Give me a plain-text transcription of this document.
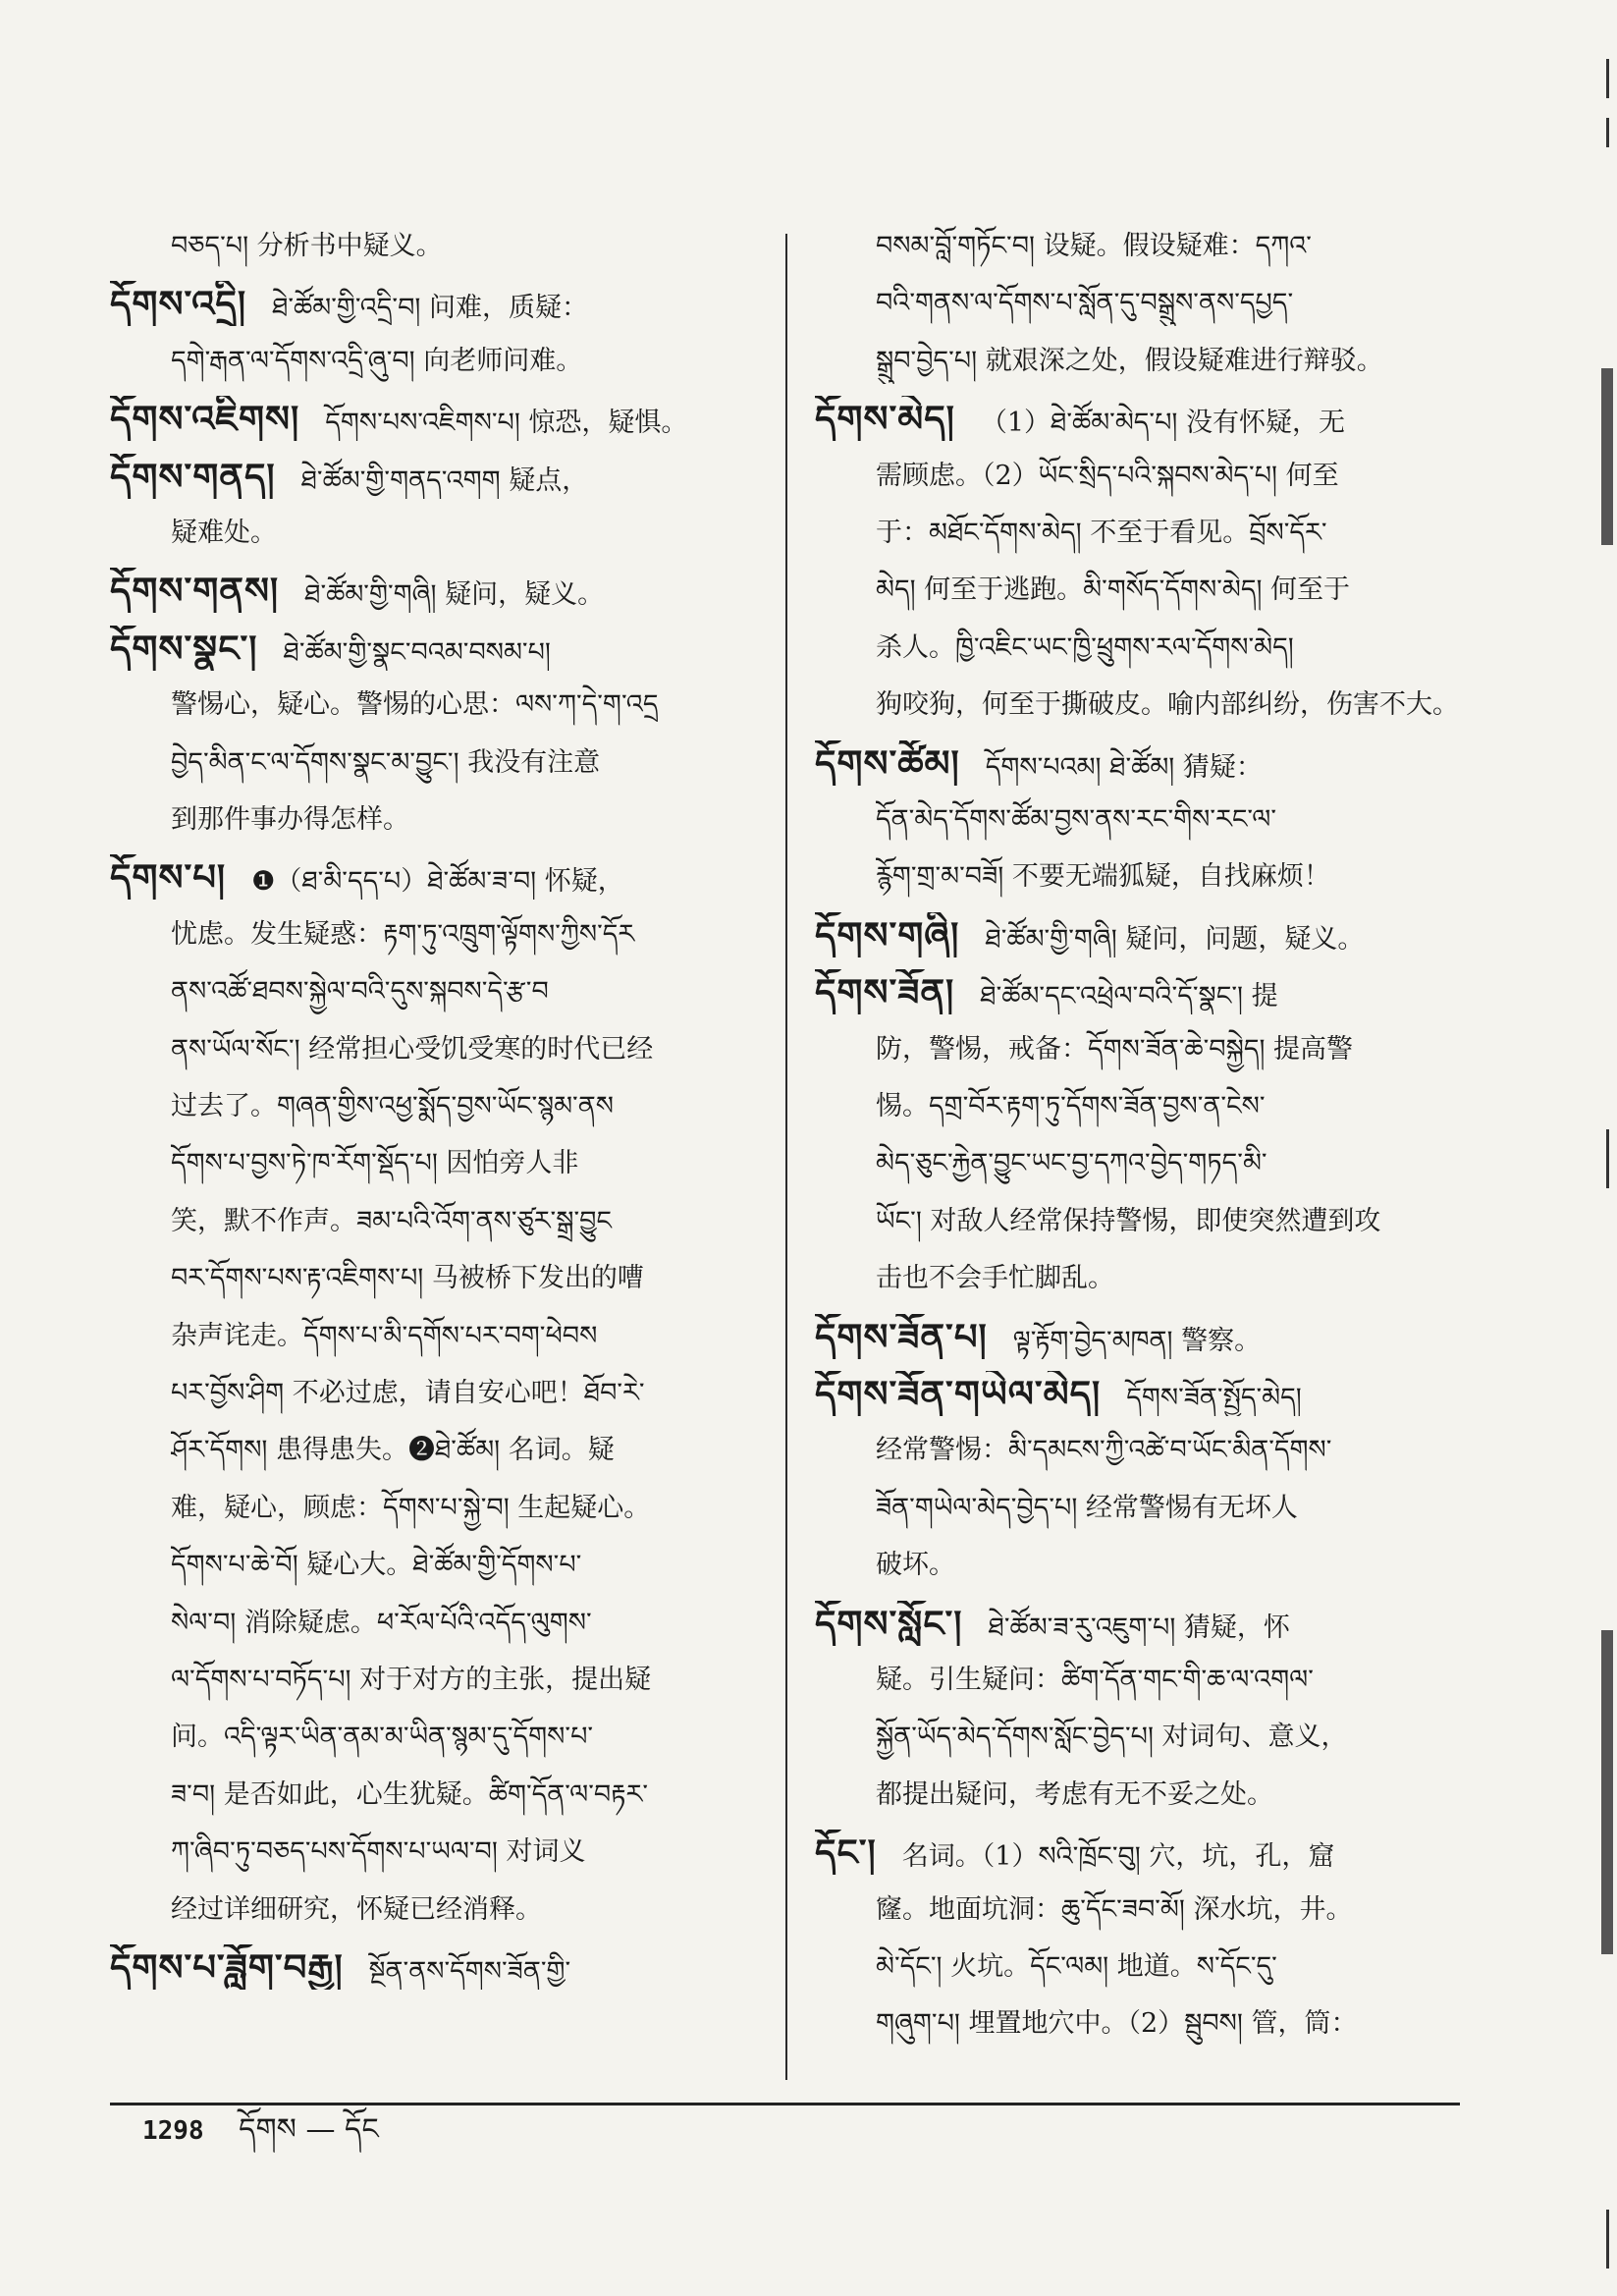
བཅད་པ། 分析书中疑义。
དོགས་འདྲི། ཐེ་ཚོམ་གྱི་འདྲི་བ། 问难，质疑：
དགེ་རྒན་ལ་དོགས་འདྲི་ཞུ་བ། 向老师问难。
དོགས་འཇིགས། དོགས་པས་འཇིགས་པ། 惊恐，疑惧。
དོགས་གནད། ཐེ་ཚོམ་གྱི་གནད་འགག 疑点，
疑难处。
དོགས་གནས། ཐེ་ཚོམ་གྱི་གཞི། 疑问，疑义。
དོགས་སྣང་། ཐེ་ཚོམ་གྱི་སྣང་བའམ་བསམ་པ།
警惕心，疑心。警惕的心思：ལས་ཀ་དེ་ག་འདྲ
བྱེད་མིན་ང་ལ་དོགས་སྣང་མ་བྱུང་། 我没有注意
到那件事办得怎样。
དོགས་པ། ❶（ཐ་མི་དད་པ）ཐེ་ཚོམ་ཟ་བ། 怀疑，
忧虑。发生疑惑：རྟག་ཏུ་འཁྲུག་ལྟོགས་ཀྱིས་དོར
ནས་འཚོ་ཐབས་སྐྱེལ་བའི་དུས་སྐབས་དེ་རྩ་བ
ནས་ཡོལ་སོང་། 经常担心受饥受寒的时代已经
过去了。གཞན་གྱིས་འཕྱ་སྨོད་བྱས་ཡོང་སྙམ་ནས
དོགས་པ་བྱས་ཏེ་ཁ་རོག་སྡོད་པ། 因怕旁人非
笑，默不作声。ཟམ་པའི་འོག་ནས་ཙུར་སྒྲ་བྱུང
བར་དོགས་པས་རྟ་འཇིགས་པ། 马被桥下发出的嘈
杂声诧走。དོགས་པ་མི་དགོས་པར་བག་ཕེབས
པར་བྱོས་ཤིག 不必过虑，请自安心吧！ཐོབ་རེ་
ཤོར་དོགས། 患得患失。❷ཐེ་ཚོམ། 名词。疑
难，疑心，顾虑：དོགས་པ་སྐྱེ་བ། 生起疑心。
དོགས་པ་ཆེ་བོ། 疑心大。ཐེ་ཚོམ་གྱི་དོགས་པ་
སེལ་བ། 消除疑虑。ཕ་རོལ་པོའི་འདོད་ལུགས་
ལ་དོགས་པ་བཏོད་པ། 对于对方的主张，提出疑
问。འདི་ལྟར་ཡིན་ནམ་མ་ཡིན་སྙམ་དུ་དོགས་པ་
ཟ་བ། 是否如此，心生犹疑。ཚིག་དོན་ལ་བརྟར་
ཀ་ཞིབ་ཏུ་བཅད་པས་དོགས་པ་ཡལ་བ། 对词义
经过详细研究，怀疑已经消释。
དོགས་པ་ཟློག་བརྒྱ། སྔོན་ནས་དོགས་ཟོན་གྱི་
བསམ་བློ་གཏོང་བ། 设疑。假设疑难：དཀའ་
བའི་གནས་ལ་དོགས་པ་སློན་དུ་བསྒྲུས་ནས་དཔྱད་
སྒྲུབ་བྱེད་པ། 就艰深之处，假设疑难进行辩驳。
དོགས་མེད། （1）ཐེ་ཚོམ་མེད་པ། 没有怀疑，无
需顾虑。（2）ཡོང་སྲིད་པའི་སྐབས་མེད་པ། 何至
于：མཐོང་དོགས་མེད། 不至于看见。བྲོས་དོར་
མེད། 何至于逃跑。མི་གསོད་དོགས་མེད། 何至于
杀人。ཁྱི་འཇིང་ཡང་ཁྱི་ཕྲུགས་རལ་དོགས་མེད།
狗咬狗，何至于撕破皮。喻内部纠纷，伤害不大。
དོགས་ཚོམ། དོགས་པའམ། ཐེ་ཚོམ། 猜疑：
དོན་མེད་དོགས་ཚོམ་བྱས་ནས་རང་གིས་རང་ལ་
རྙོག་གྲ་མ་བཟོ། 不要无端狐疑，自找麻烦！
དོགས་གཞི། ཐེ་ཚོམ་གྱི་གཞི། 疑问，问题，疑义。
དོགས་ཟོན། ཐེ་ཚོམ་དང་འཕྲེལ་བའི་དོ་སྣང་། 提
防，警惕，戒备：དོགས་ཟོན་ཆེ་བསྐྱེད། 提高警
惕。དགྲ་བོར་རྟག་ཏུ་དོགས་ཟོན་བྱས་ན་ངེས་
མེད་ཅུང་རྐྱེན་བྱུང་ཡང་བྱ་དཀའ་བྱེད་གཏད་མི་
ཡོང་། 对敌人经常保持警惕，即使突然遭到攻
击也不会手忙脚乱。
དོགས་ཟོན་པ། ལྟ་རྟོག་བྱེད་མཁན། 警察。
དོགས་ཟོན་གཡེལ་མེད། དོགས་ཟོན་སྤྱོད་མེད།
经常警惕：མི་དམངས་ཀྱི་འཚེ་བ་ཡོང་མིན་དོགས་
ཟོན་གཡེལ་མེད་བྱེད་པ། 经常警惕有无坏人
破坏。
དོགས་སློང་། ཐེ་ཚོམ་ཟ་རུ་འཇུག་པ། 猜疑，怀
疑。引生疑问：ཚིག་དོན་གང་གི་ཆ་ལ་འགལ་
སྐྱོན་ཡོད་མེད་དོགས་སློང་བྱེད་པ། 对词句、意义，
都提出疑问，考虑有无不妥之处。
དོང་། 名词。（1）སའི་ཁྲོང་བུ། 穴，坑，孔，窟
窿。地面坑洞：ཆུ་དོང་ཟབ་མོ། 深水坑，井。
མེ་དོང་། 火坑。དོང་ལམ། 地道。ས་དོང་དུ་
གཞུག་པ། 埋置地穴中。（2）སྦུབས། 管，筒：
1298 དོགས — དོང
